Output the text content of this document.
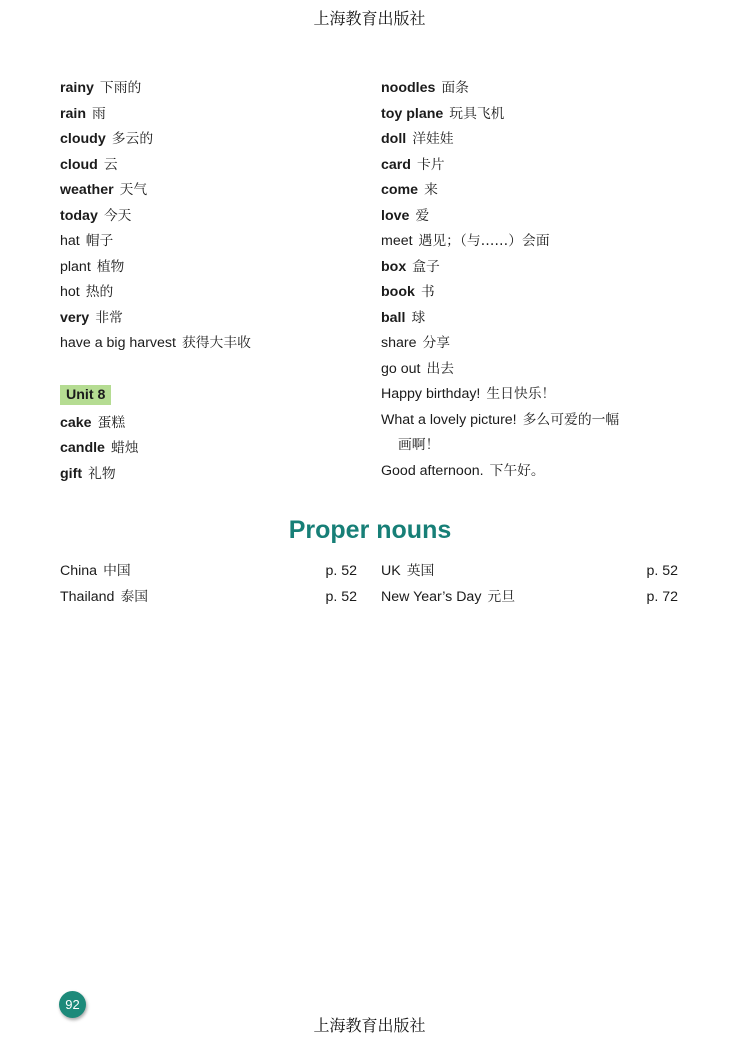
上海教育出版社
rainy 下雨的
rain 雨
cloudy 多云的
cloud 云
weather 天气
today 今天
hat 帽子
plant 植物
hot 热的
very 非常
have a big harvest 获得大丰收
Unit 8
cake 蛋糕
candle 蜡烛
gift 礼物
noodles 面条
toy plane 玩具飞机
doll 洋娃娃
card 卡片
come 来
love 爱
meet 遇见；（与……）会面
box 盒子
book 书
ball 球
share 分享
go out 出去
Happy birthday! 生日快乐！
What a lovely picture! 多么可爱的一幅
画啊！
Good afternoon. 下午好。
Proper nouns
China 中国	p. 52
Thailand 泰国	p. 52
UK 英国	p. 52
New Year’s Day 元旦	p. 72
92
上海教育出版社
